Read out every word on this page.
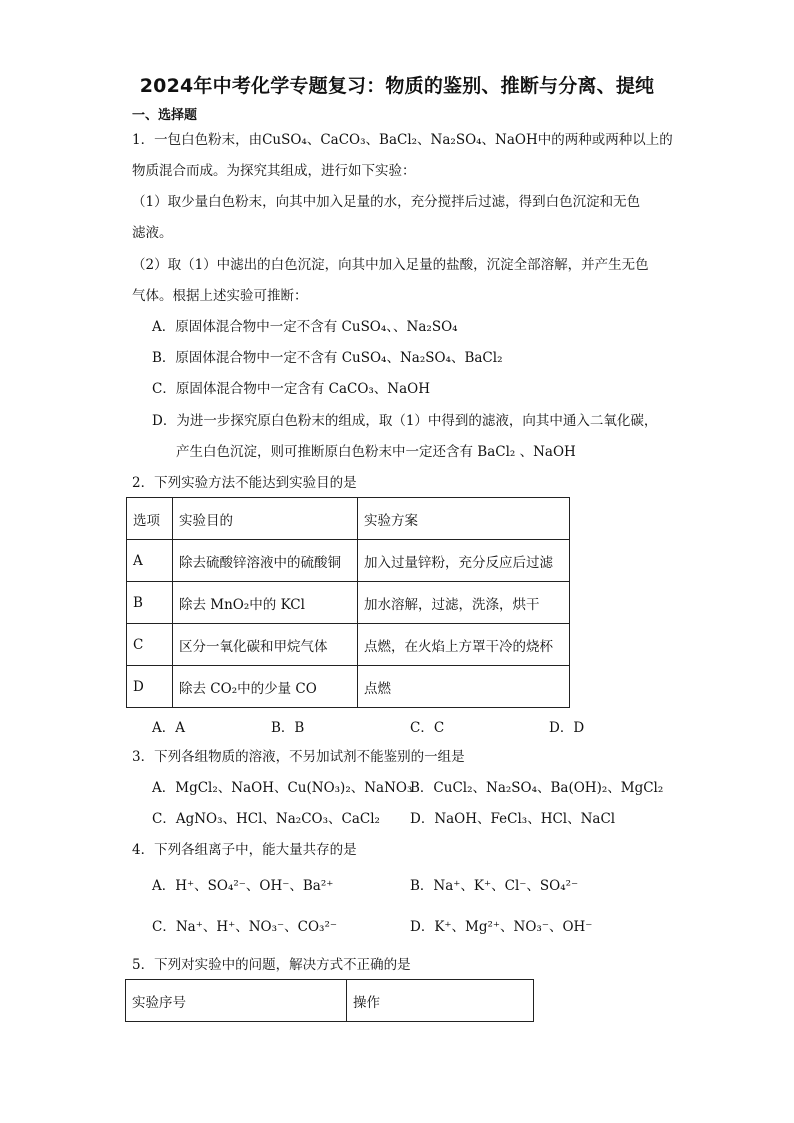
2024年中考化学专题复习：物质的鉴别、推断与分离、提纯
一、选择题
1．一包白色粉末，由CuSO₄、CaCO₃、BaCl₂、Na₂SO₄、NaOH中的两种或两种以上的
物质混合而成。为探究其组成，进行如下实验：
（1）取少量白色粉末，向其中加入足量的水，充分搅拌后过滤，得到白色沉淀和无色
滤液。
（2）取（1）中滤出的白色沉淀，向其中加入足量的盐酸，沉淀全部溶解，并产生无色
气体。根据上述实验可推断：
A．原固体混合物中一定不含有 CuSO₄、、Na₂SO₄
B．原固体混合物中一定不含有 CuSO₄、Na₂SO₄、BaCl₂
C．原固体混合物中一定含有 CaCO₃、NaOH
D．为进一步探究原白色粉末的组成，取（1）中得到的滤液，向其中通入二氧化碳，
产生白色沉淀，则可推断原白色粉末中一定还含有 BaCl₂ 、NaOH
2．下列实验方法不能达到实验目的是
选项	实验目的	实验方案
A	除去硫酸锌溶液中的硫酸铜	加入过量锌粉，充分反应后过滤
B	除去 MnO₂中的 KCl	加水溶解，过滤，洗涤，烘干
C	区分一氧化碳和甲烷气体	点燃，在火焰上方罩干冷的烧杯
D	除去 CO₂中的少量 CO	点燃
A．A	B．B	C．C	D．D
3．下列各组物质的溶液，不另加试剂不能鉴别的一组是
A．MgCl₂、NaOH、Cu(NO₃)₂、NaNO₃
B．CuCl₂、Na₂SO₄、Ba(OH)₂、MgCl₂
C．AgNO₃、HCl、Na₂CO₃、CaCl₂ D．NaOH、FeCl₃、HCl、NaCl
4．下列各组离子中，能大量共存的是
A．H⁺、SO₄²⁻、OH⁻、Ba²⁺	B．Na⁺、K⁺、Cl⁻、SO₄²⁻
C．Na⁺、H⁺、NO₃⁻、CO₃²⁻	D．K⁺、Mg²⁺、NO₃⁻、OH⁻
5．下列对实验中的问题，解决方式不正确的是
实验序号	操作
